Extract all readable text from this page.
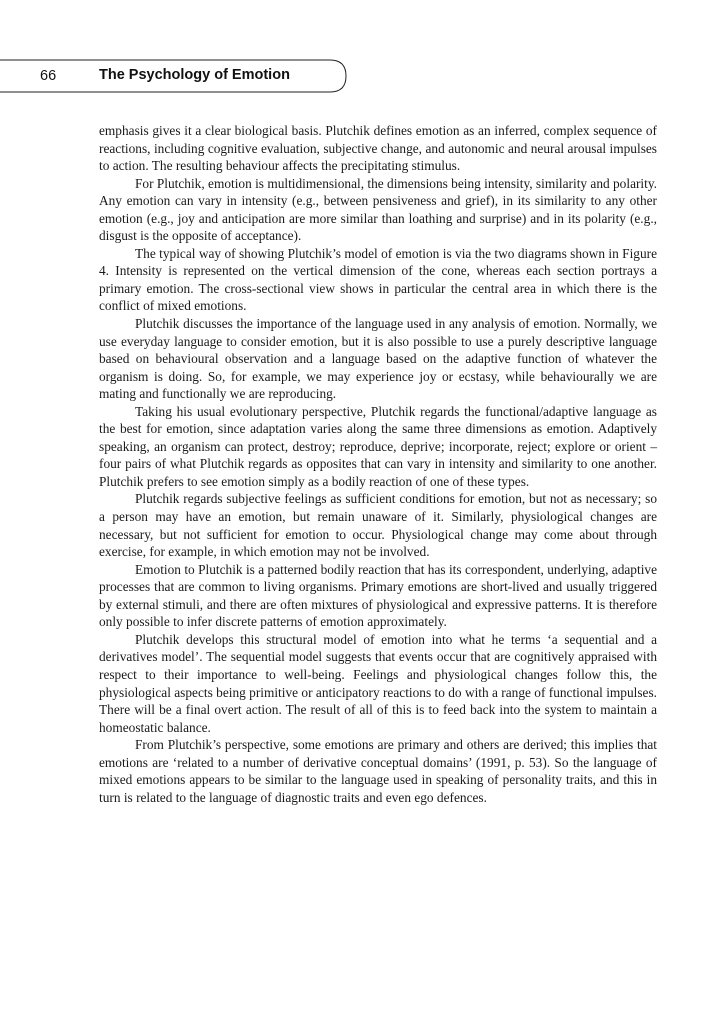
66	The Psychology of Emotion

emphasis gives it a clear biological basis. Plutchik defines emotion as an inferred, complex sequence of reactions, including cognitive evaluation, subjective change, and autonomic and neural arousal impulses to action. The resulting behaviour affects the precipitating stimulus.

For Plutchik, emotion is multidimensional, the dimensions being intensity, similarity and polarity. Any emotion can vary in intensity (e.g., between pensiveness and grief), in its similarity to any other emotion (e.g., joy and anticipation are more similar than loathing and surprise) and in its polarity (e.g., disgust is the opposite of acceptance).

The typical way of showing Plutchik’s model of emotion is via the two diagrams shown in Figure 4. Intensity is represented on the vertical dimension of the cone, whereas each section portrays a primary emotion. The cross-sectional view shows in particular the central area in which there is the conflict of mixed emotions.

Plutchik discusses the importance of the language used in any analysis of emotion. Normally, we use everyday language to consider emotion, but it is also possible to use a purely descriptive language based on behavioural observation and a language based on the adaptive function of whatever the organism is doing. So, for example, we may experience joy or ecstasy, while behaviourally we are mating and functionally we are reproducing.

Taking his usual evolutionary perspective, Plutchik regards the functional/​adaptive language as the best for emotion, since adaptation varies along the same three dimensions as emotion. Adaptively speaking, an organism can protect, destroy; reproduce, deprive; incorporate, reject; explore or orient – four pairs of what Plutchik regards as opposites that can vary in intensity and similarity to one another. Plutchik prefers to see emotion simply as a bodily reaction of one of these types.

Plutchik regards subjective feelings as sufficient conditions for emotion, but not as necessary; so a person may have an emotion, but remain unaware of it. Similarly, physiological changes are necessary, but not sufficient for emotion to occur. Physiological change may come about through exercise, for example, in which emotion may not be involved.

Emotion to Plutchik is a patterned bodily reaction that has its correspondent, underlying, adaptive processes that are common to living organisms. Primary emotions are short-lived and usually triggered by external stimuli, and there are often mixtures of physiological and expressive patterns. It is therefore only possible to infer discrete patterns of emotion approximately.

Plutchik develops this structural model of emotion into what he terms ‘a sequential and a derivatives model’. The sequential model suggests that events occur that are cognitively appraised with respect to their importance to well-being. Feelings and physiological changes follow this, the physiological aspects being primitive or anticipatory reactions to do with a range of functional impulses. There will be a final overt action. The result of all of this is to feed back into the system to maintain a homeostatic balance.

From Plutchik’s perspective, some emotions are primary and others are derived; this implies that emotions are ‘related to a number of derivative conceptual domains’ (1991, p. 53). So the language of mixed emotions appears to be similar to the language used in speaking of personality traits, and this in turn is related to the language of diagnostic traits and even ego defences.
